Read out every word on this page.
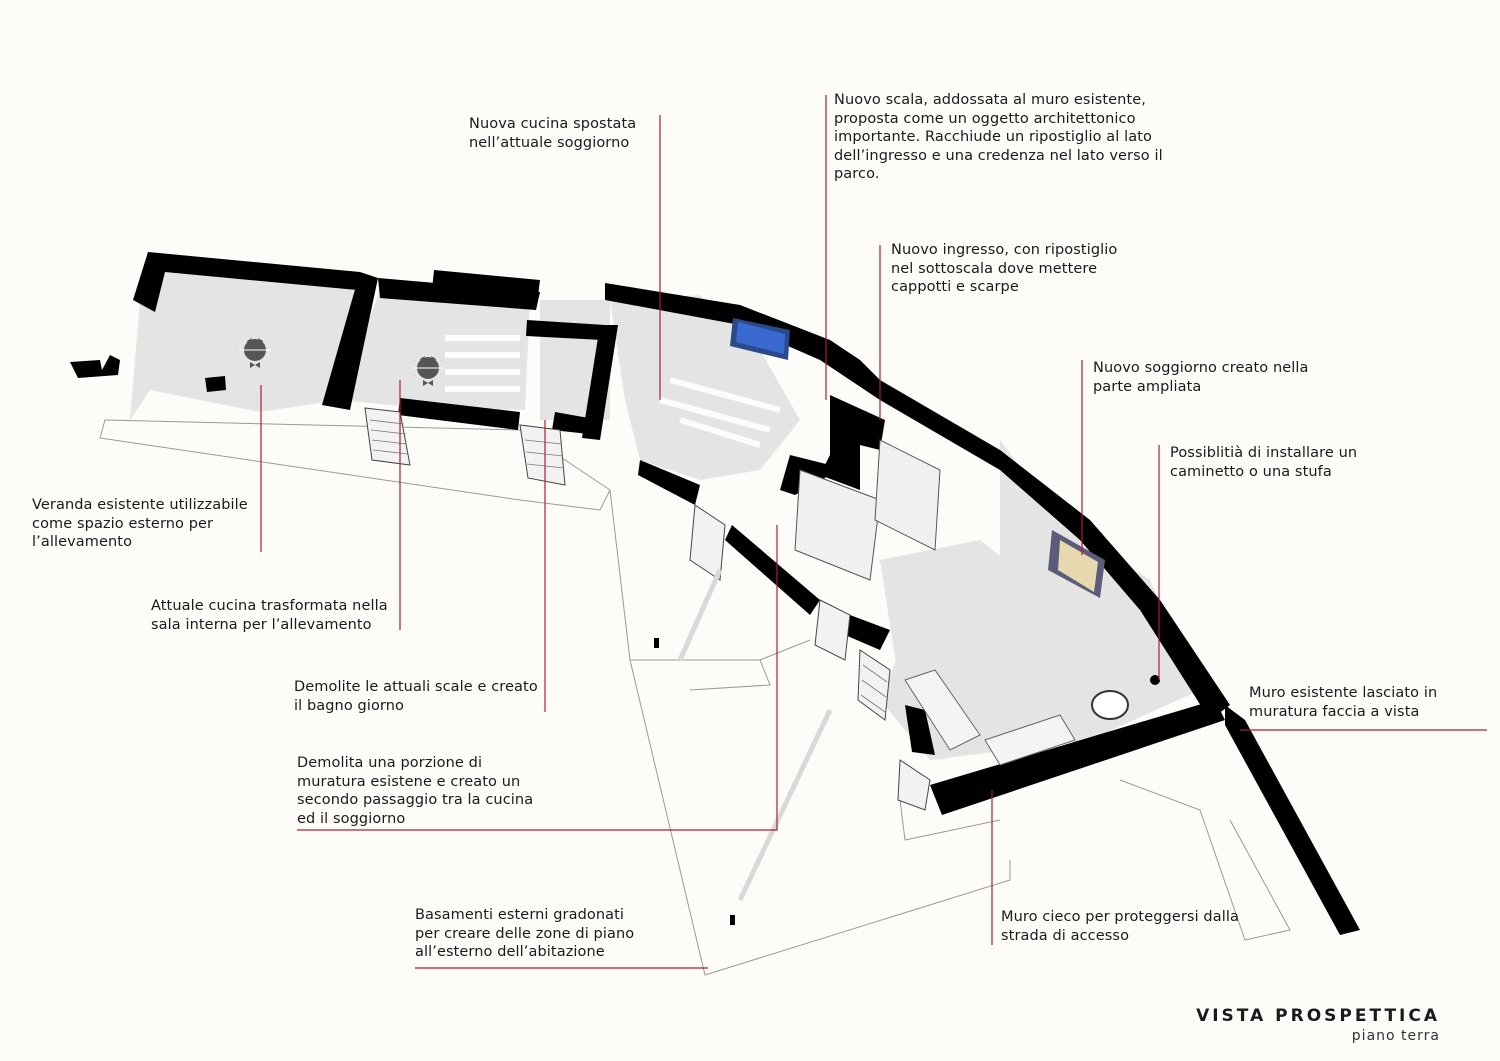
Nuova cucina spostata
nell’attuale soggiorno
Nuovo scala, addossata al muro esistente,
proposta come un oggetto architettonico
importante. Racchiude un ripostiglio al lato
dell’ingresso e una credenza nel lato verso il
parco.
Nuovo ingresso, con ripostiglio
nel sottoscala dove mettere
cappotti e scarpe
Nuovo soggiorno creato nella
parte ampliata
Possiblitià di installare un
caminetto o una stufa
Veranda esistente utilizzabile
come spazio esterno per
l’allevamento
Attuale cucina trasformata nella
sala interna per l’allevamento
Demolite le attuali scale e creato
il bagno giorno
Muro esistente lasciato in
muratura faccia a vista
Demolita una porzione di
muratura esistene e creato un
secondo passaggio tra la cucina
ed il soggiorno
Basamenti esterni gradonati
per creare delle zone di piano
all’esterno dell’abitazione
Muro cieco per proteggersi dalla
strada di accesso
VISTA PROSPETTICA
piano terra
